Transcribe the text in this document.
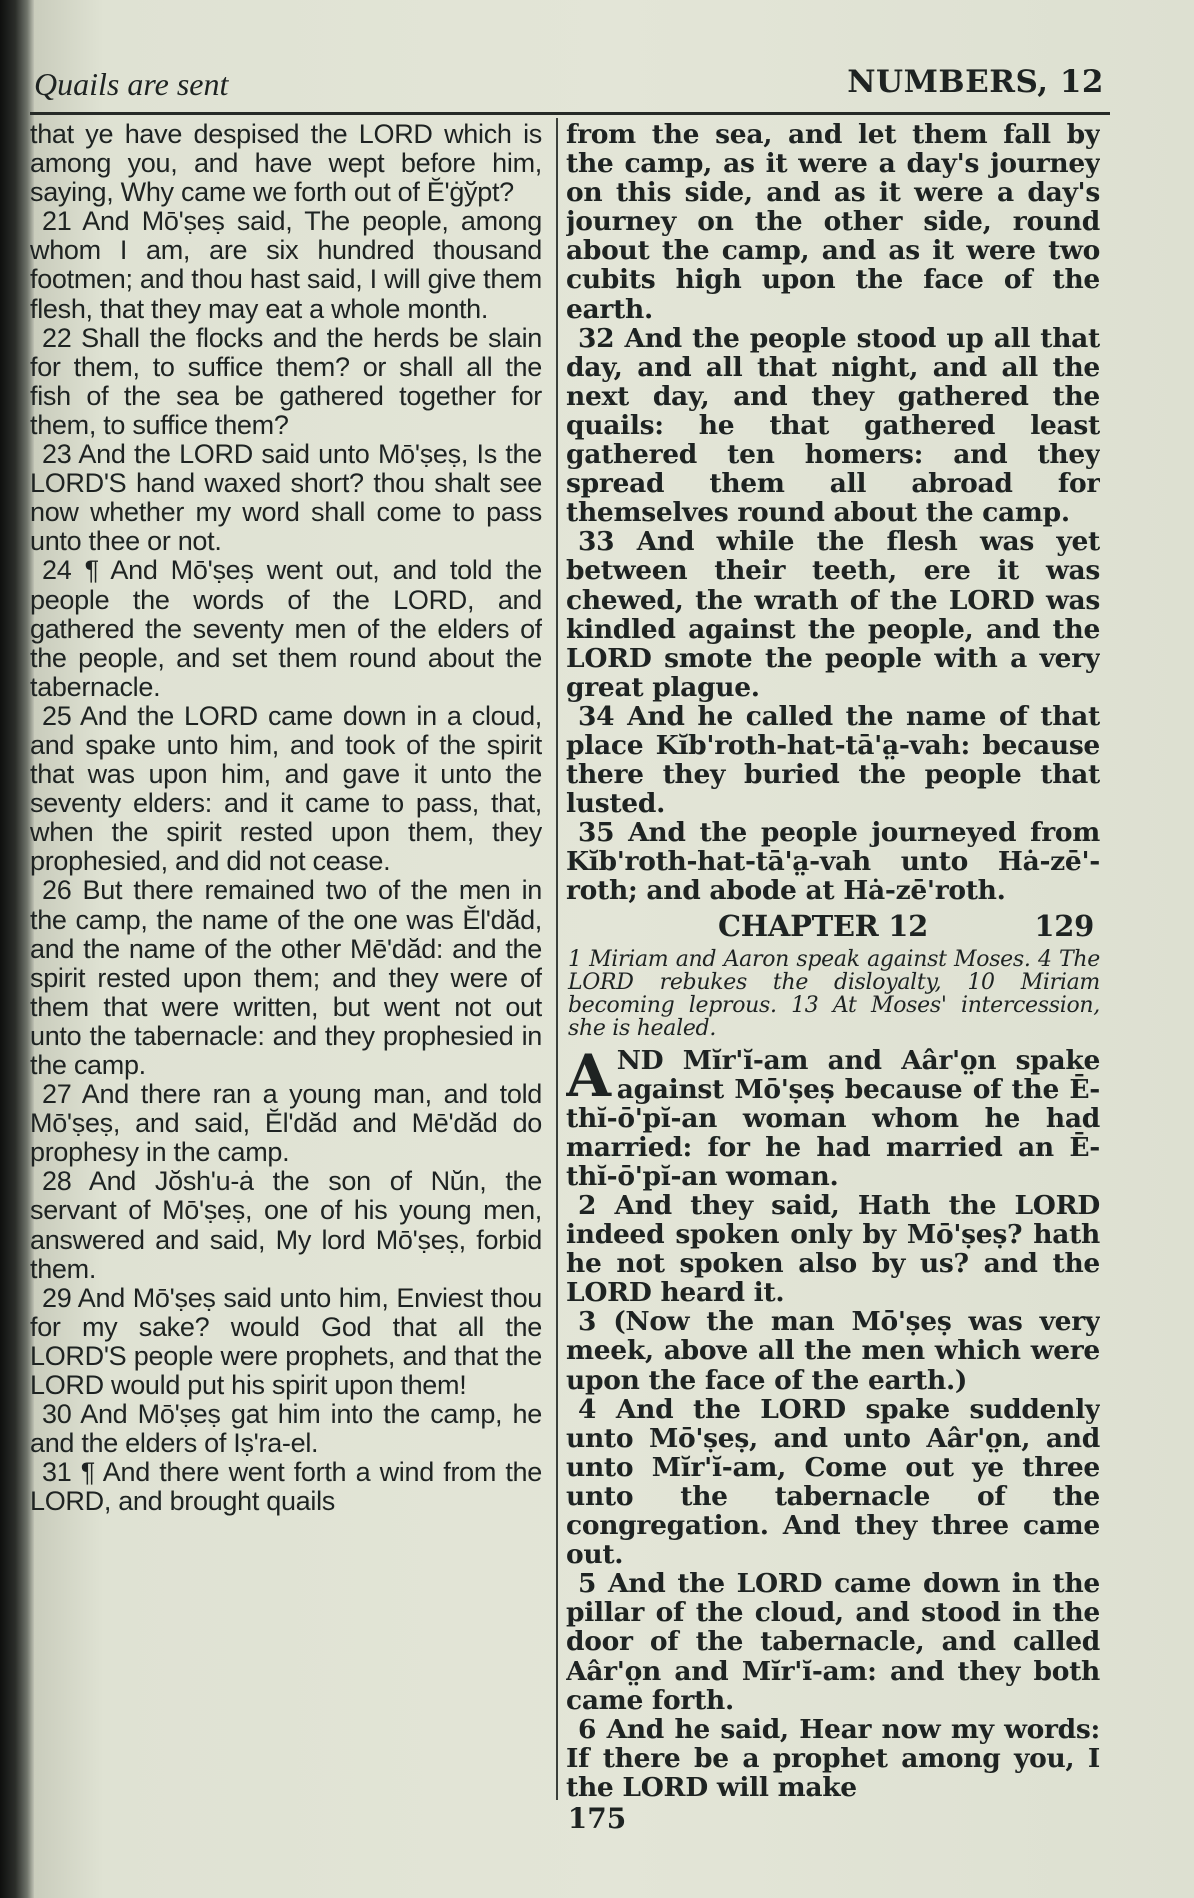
Quails are sent	NUMBERS, 12

that ye have despised the LORD which is among you, and have wept before him, saying, Why came we forth out of Ĕ'ġўpt?

21 And Mō'ṣeṣ said, The people, among whom I am, are six hundred thousand footmen; and thou hast said, I will give them flesh, that they may eat a whole month.

22 Shall the flocks and the herds be slain for them, to suffice them? or shall all the fish of the sea be gathered together for them, to suffice them?

23 And the LORD said unto Mō'ṣeṣ, Is the LORD'S hand waxed short? thou shalt see now whether my word shall come to pass unto thee or not.

24 ¶ And Mō'ṣeṣ went out, and told the people the words of the LORD, and gathered the seventy men of the elders of the people, and set them round about the tabernacle.

25 And the LORD came down in a cloud, and spake unto him, and took of the spirit that was upon him, and gave it unto the seventy elders: and it came to pass, that, when the spirit rested upon them, they prophesied, and did not cease.

26 But there remained two of the men in the camp, the name of the one was Ĕl'dăd, and the name of the other Mē'dăd: and the spirit rested upon them; and they were of them that were written, but went not out unto the tabernacle: and they prophesied in the camp.

27 And there ran a young man, and told Mō'ṣeṣ, and said, Ĕl'dăd and Mē'dăd do prophesy in the camp.

28 And Jŏsh'u-ȧ the son of Nŭn, the servant of Mō'ṣeṣ, one of his young men, answered and said, My lord Mō'ṣeṣ, forbid them.

29 And Mō'ṣeṣ said unto him, Enviest thou for my sake? would God that all the LORD'S people were prophets, and that the LORD would put his spirit upon them!

30 And Mō'ṣeṣ gat him into the camp, he and the elders of Iṣ'ra-el.

31 ¶ And there went forth a wind from the LORD, and brought quails

from the sea, and let them fall by the camp, as it were a day's journey on this side, and as it were a day's journey on the other side, round about the camp, and as it were two cubits high upon the face of the earth.

32 And the people stood up all that day, and all that night, and all the next day, and they gathered the quails: he that gathered least gathered ten homers: and they spread them all abroad for themselves round about the camp.

33 And while the flesh was yet between their teeth, ere it was chewed, the wrath of the LORD was kindled against the people, and the LORD smote the people with a very great plague.

34 And he called the name of that place Kĭb'roth-hat-tā'a̤-vah: because there they buried the people that lusted.

35 And the people journeyed from Kĭb'roth-hat-tā'a̤-vah unto Hȧ-zē'-roth; and abode at Hȧ-zē'roth.

CHAPTER 12	129
1 Miriam and Aaron speak against Moses. 4 The LORD rebukes the disloyalty, 10 Miriam becoming leprous. 13 At Moses' intercession, she is healed.

AND Mĭr'ĭ-am and Aâr'o̤n spake against Mō'ṣeṣ because of the Ē-thĭ-ō'pĭ-an woman whom he had married: for he had married an Ē-thĭ-ō'pĭ-an woman.

2 And they said, Hath the LORD indeed spoken only by Mō'ṣeṣ? hath he not spoken also by us? and the LORD heard it.

3 (Now the man Mō'ṣeṣ was very meek, above all the men which were upon the face of the earth.)

4 And the LORD spake suddenly unto Mō'ṣeṣ, and unto Aâr'o̤n, and unto Mĭr'ĭ-am, Come out ye three unto the tabernacle of the congregation. And they three came out.

5 And the LORD came down in the pillar of the cloud, and stood in the door of the tabernacle, and called Aâr'o̤n and Mĭr'ĭ-am: and they both came forth.

6 And he said, Hear now my words: If there be a prophet among you, I the LORD will make

175
